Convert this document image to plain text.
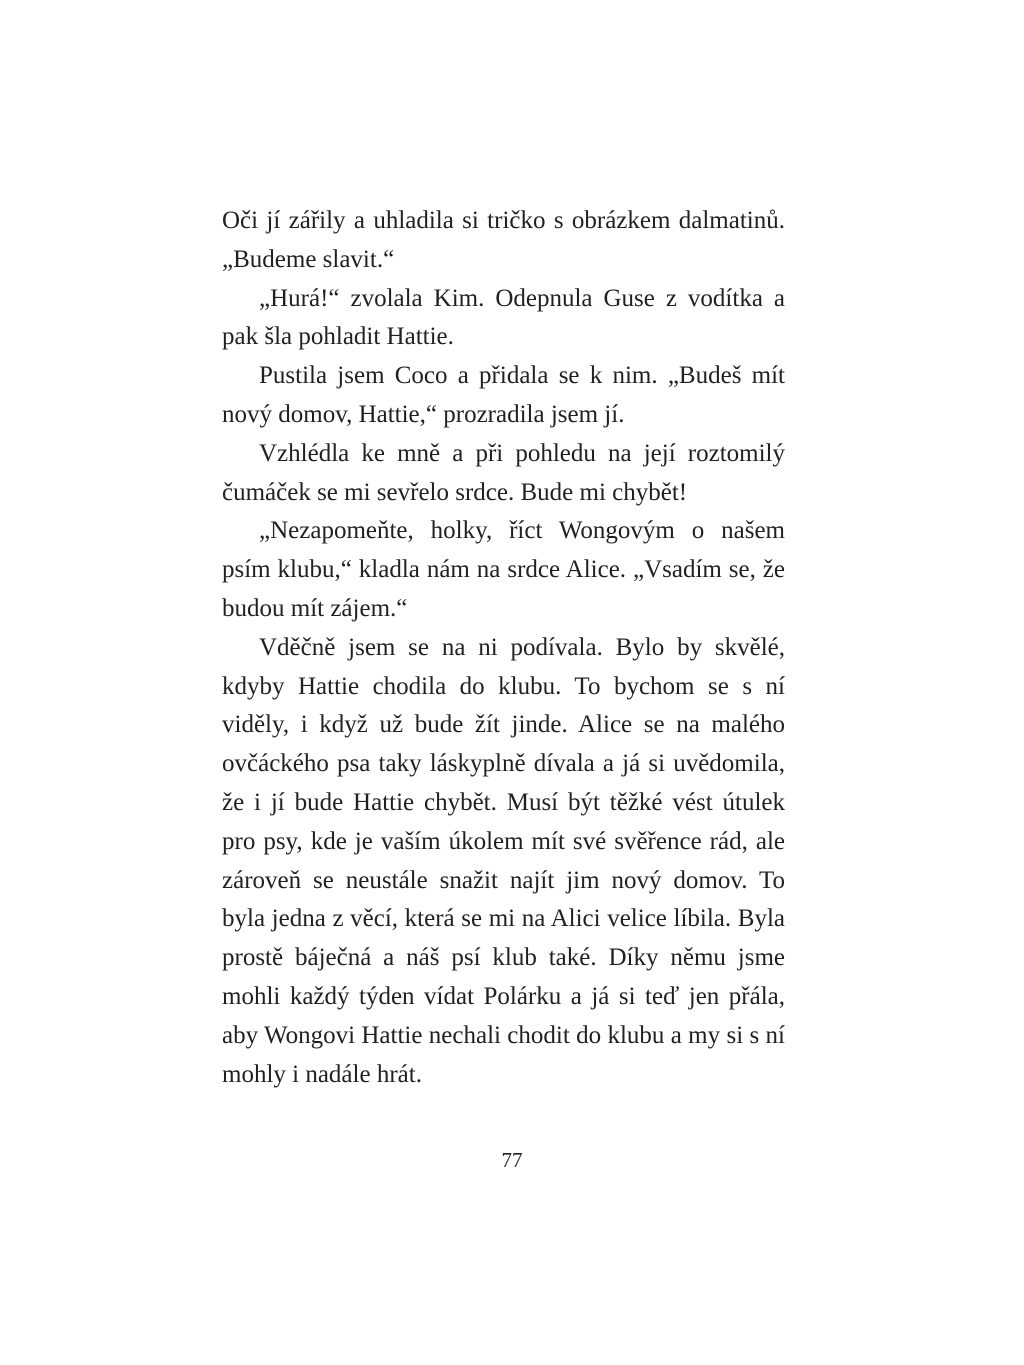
Oči jí zářily a uhladila si tričko s obrázkem dalmatinů. „Budeme slavit.“

„Hurá!“ zvolala Kim. Odepnula Guse z vodítka a pak šla pohladit Hattie.

Pustila jsem Coco a přidala se k nim. „Budeš mít nový domov, Hattie,“ prozradila jsem jí.

Vzhlédla ke mně a při pohledu na její roztomilý čumáček se mi sevřelo srdce. Bude mi chybět!

„Nezapomeňte, holky, říct Wongovým o našem psím klubu,“ kladla nám na srdce Alice. „Vsadím se, že budou mít zájem.“

Vděčně jsem se na ni podívala. Bylo by skvělé, kdyby Hattie chodila do klubu. To bychom se s ní viděly, i když už bude žít jinde. Alice se na malého ovčáckého psa taky láskyplně dívala a já si uvědomila, že i jí bude Hattie chybět. Musí být těžké vést útulek pro psy, kde je vaším úkolem mít své svěřence rád, ale zároveň se neustále snažit najít jim nový domov. To byla jedna z věcí, která se mi na Alici velice líbila. Byla prostě báječná a náš psí klub také. Díky němu jsme mohli každý týden vídat Polárku a já si teď jen přála, aby Wongovi Hattie nechali chodit do klubu a my si s ní mohly i nadále hrát.

77
